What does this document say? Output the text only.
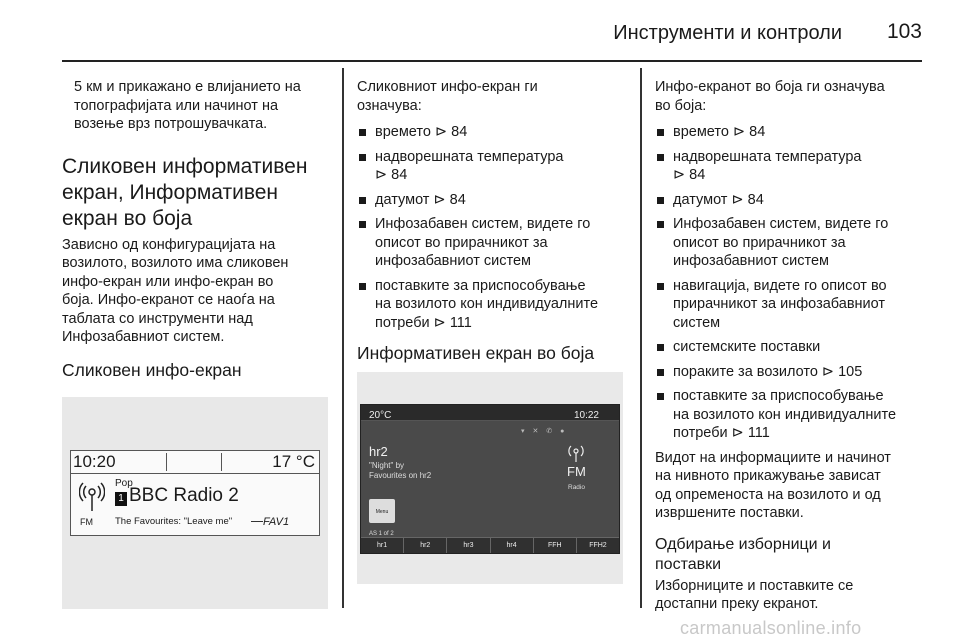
Инструменти и контроли 103

5 км и прикажано е влијанието на
топографијата или начинот на
возење врз потрошувачката.

Сликовен информативен
екран, Информативен
екран во боја

Зависно од конфигурацијата на
возилото, возилото има сликовен
инфо-екран или инфо-екран во
боја. Инфо-екранот се наоѓа на
таблата со инструменти над
Инфозабавниот систем.

Сликовен инфо-екран
10:20	17 °C
FM
Pop
1 BBC Radio 2
The Favourites: "Leave me"	FAV1

Сликовниот инфо-екран ги
означува:

времето ⊳ 84
надворешната температура
⊳ 84
датумот ⊳ 84
Инфозабавен систем, видете го
описот во прирачникот за
инфозабавниот систем
поставките за приспособување
на возилото кон индивидуалните
потреби ⊳ 111
Информативен екран во боја
20°C	10:22
▾ ✕ ✆ ●
hr2
"Night" by
Favourites on hr2	FM
Radio
Menu
AS 1 of 2
hr1	hr2	hr3	hr4	FFH	FFH2

Инфо-екранот во боја ги означува
во боја:

времето ⊳ 84
надворешната температура
⊳ 84
датумот ⊳ 84
Инфозабавен систем, видете го
описот во прирачникот за
инфозабавниот систем
навигација, видете го описот во
прирачникот за инфозабавниот
систем
системските поставки
порaките за возилото ⊳ 105
поставките за приспособување
на возилото кон индивидуалните
потреби ⊳ 111

Видот на информациите и начинот
на нивното прикажување зависат
од опременоста на возилото и од
извршените поставки.

Одбирање изборници и
поставки

Изборниците и поставките се
достапни преку екранот.

carmanualsonline.info
